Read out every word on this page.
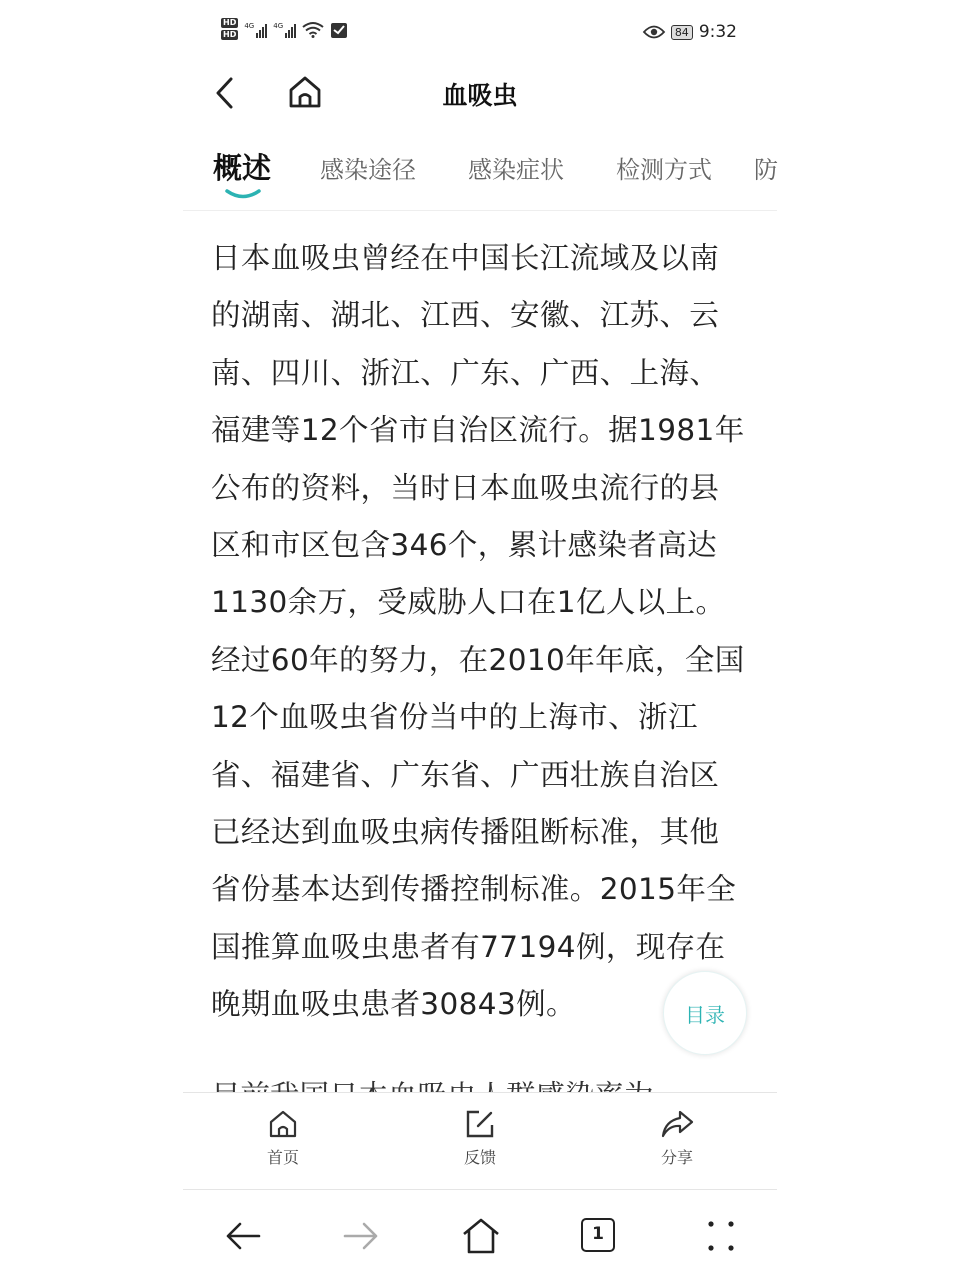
HD
HD
4G	4G	84 9:32
血吸虫
概述 感染途径 感染症状 检测方式 防

日本血吸虫曾经在中国长江流域及以南

的湖南、湖北、江西、安徽、江苏、云

南、四川、浙江、广东、广西、上海、

福建等12个省市自治区流行。据1981年

公布的资料，当时日本血吸虫流行的县

区和市区包含346个，累计感染者高达

1130余万，受威胁人口在1亿人以上。

经过60年的努力，在2010年年底，全国

12个血吸虫省份当中的上海市、浙江

省、福建省、广东省、广西壮族自治区

已经达到血吸虫病传播阻断标准，其他

省份基本达到传播控制标准。2015年全

国推算血吸虫患者有77194例，现存在

晚期血吸虫患者30843例。	目录
首页	反馈	分享
1
